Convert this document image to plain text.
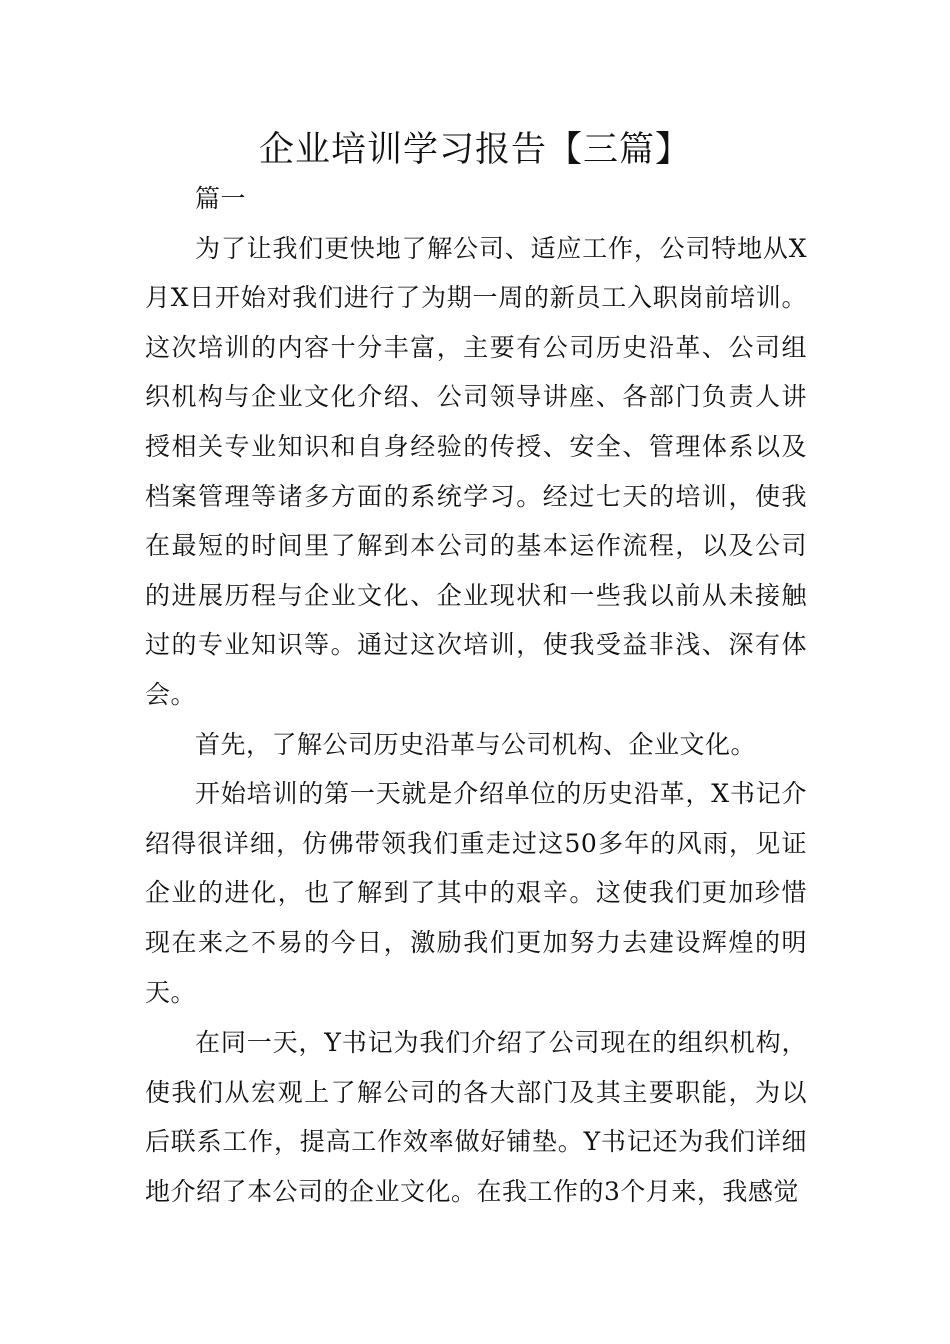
企业培训学习报告【三篇】

篇一

为了让我们更快地了解公司、适应工作，公司特地从X月X日开始对我们进行了为期一周的新员工入职岗前培训。这次培训的内容十分丰富，主要有公司历史沿革、公司组织机构与企业文化介绍、公司领导讲座、各部门负责人讲授相关专业知识和自身经验的传授、安全、管理体系以及档案管理等诸多方面的系统学习。经过七天的培训，使我在最短的时间里了解到本公司的基本运作流程，以及公司的进展历程与企业文化、企业现状和一些我以前从未接触过的专业知识等。通过这次培训，使我受益非浅、深有体会。

首先，了解公司历史沿革与公司机构、企业文化。

开始培训的第一天就是介绍单位的历史沿革，X书记介绍得很详细，仿佛带领我们重走过这50多年的风雨，见证企业的进化，也了解到了其中的艰辛。这使我们更加珍惜现在来之不易的今日，激励我们更加努力去建设辉煌的明天。

在同一天，Y书记为我们介绍了公司现在的组织机构，使我们从宏观上了解公司的各大部门及其主要职能，为以后联系工作，提高工作效率做好铺垫。Y书记还为我们详细地介绍了本公司的企业文化。在我工作的3个月来，我感觉
